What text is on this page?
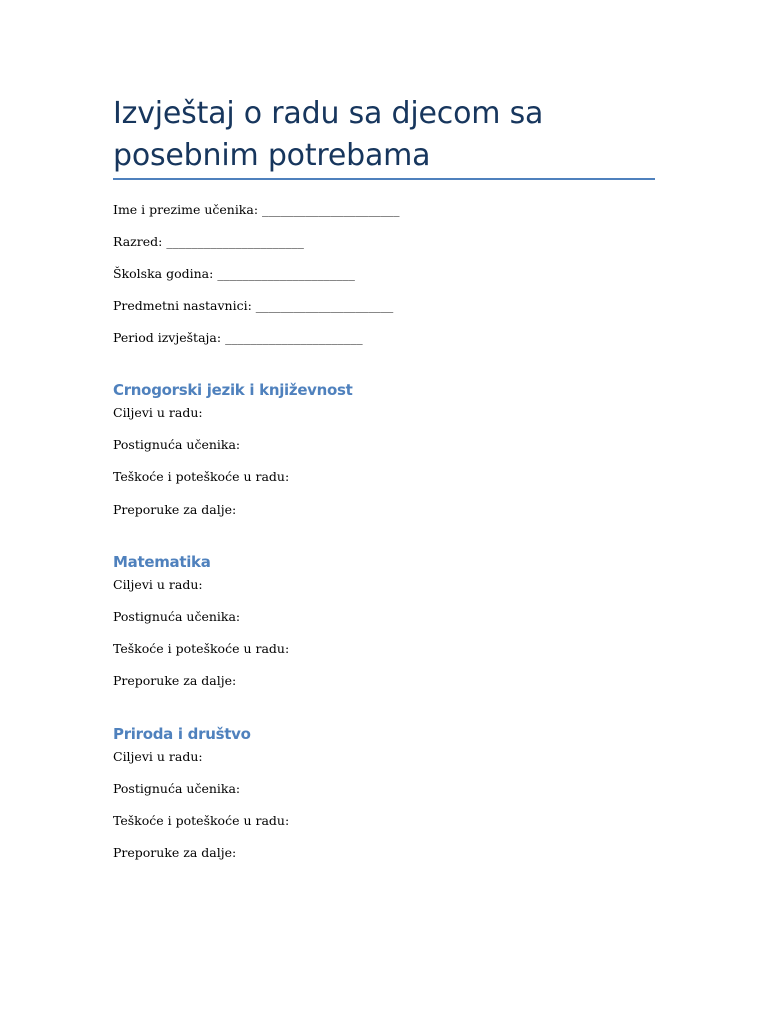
Izvještaj o radu sa djecom sa posebnim potrebama

Ime i prezime učenika: ______________________

Razred: ______________________

Školska godina: ______________________

Predmetni nastavnici: ______________________

Period izvještaja: ______________________

Crnogorski jezik i književnost

Ciljevi u radu:

Postignuća učenika:

Teškoće i poteškoće u radu:

Preporuke za dalje:

Matematika

Ciljevi u radu:

Postignuća učenika:

Teškoće i poteškoće u radu:

Preporuke za dalje:

Priroda i društvo

Ciljevi u radu:

Postignuća učenika:

Teškoće i poteškoće u radu:

Preporuke za dalje:
